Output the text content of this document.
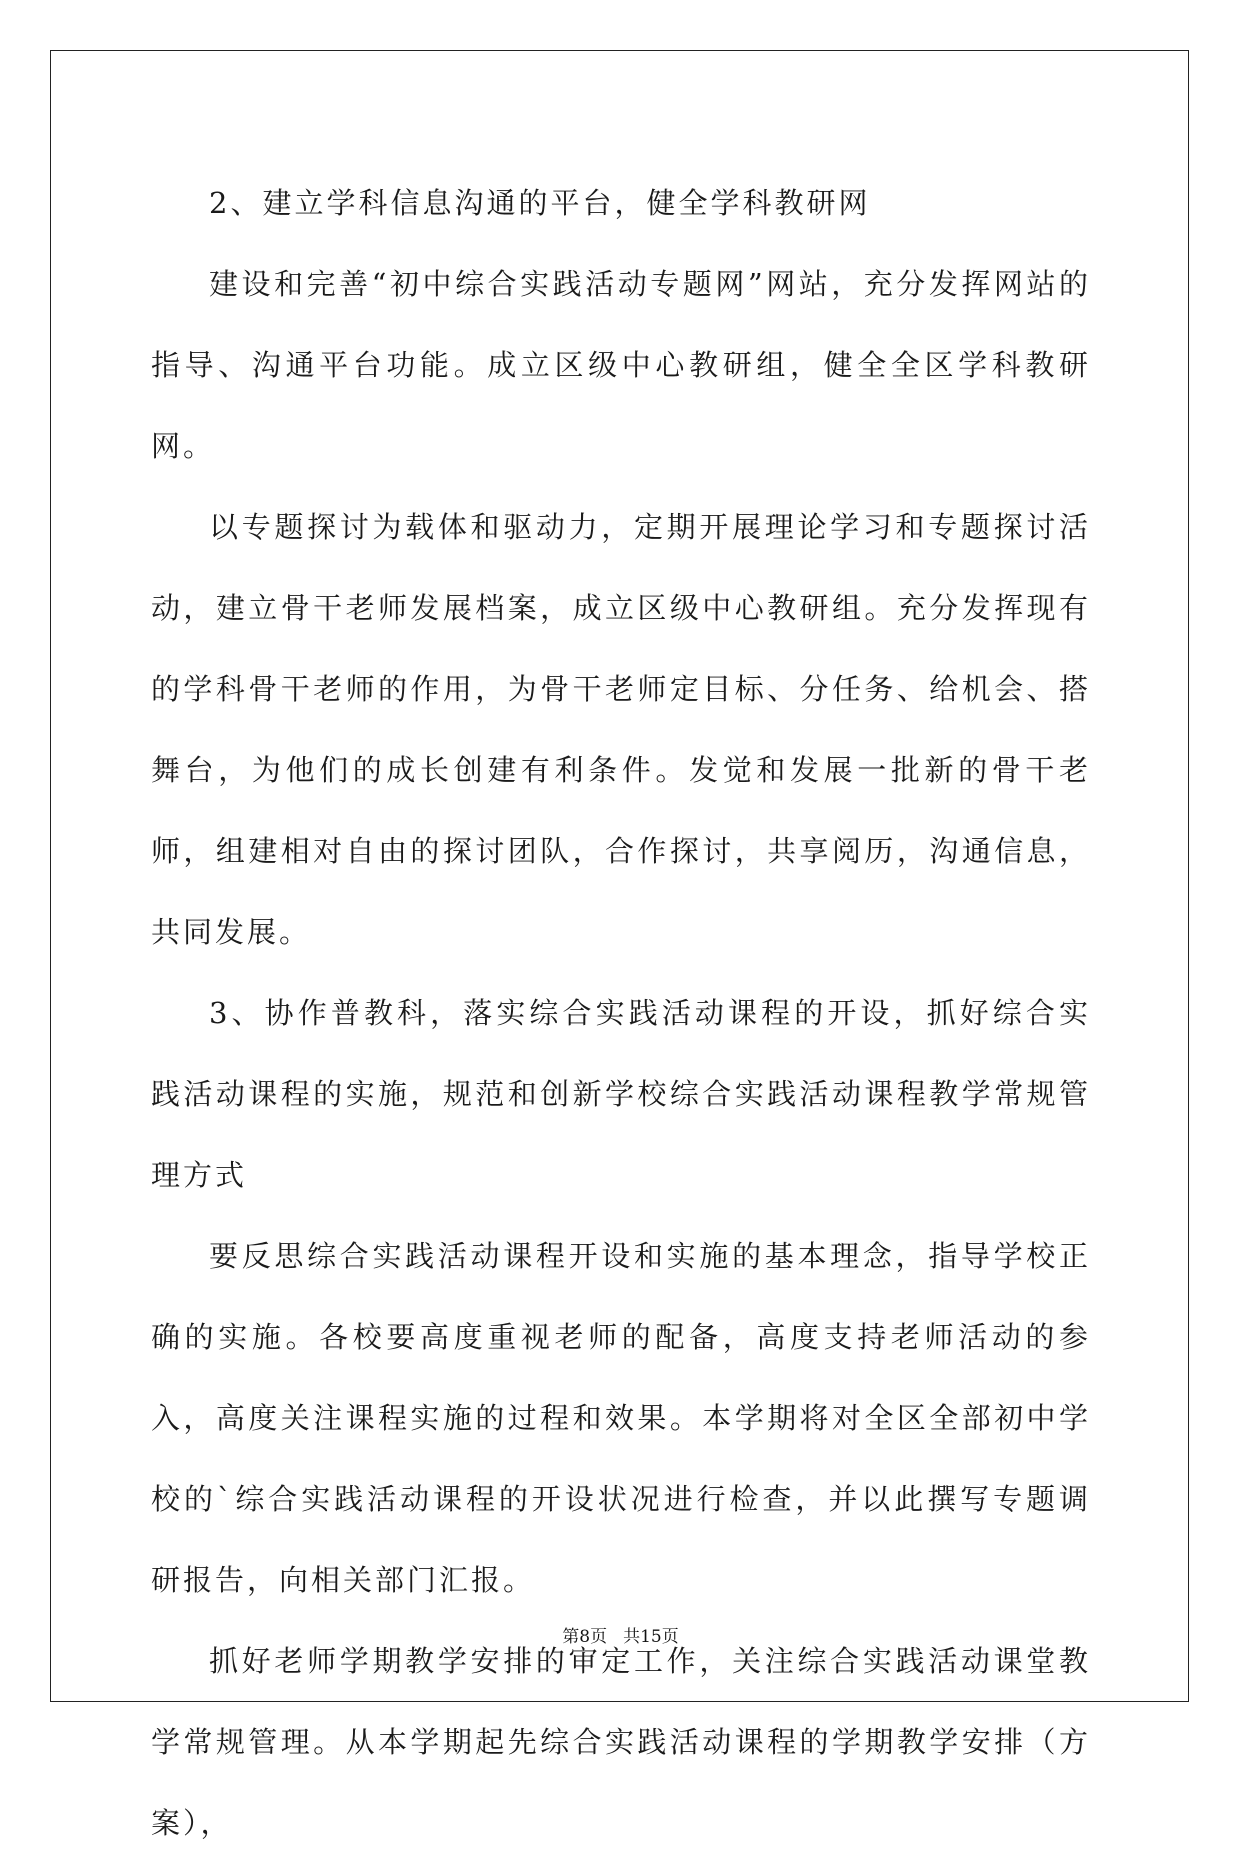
2、建立学科信息沟通的平台，健全学科教研网

建设和完善“初中综合实践活动专题网”网站，充分发挥网站的指导、沟通平台功能。成立区级中心教研组，健全全区学科教研网。

以专题探讨为载体和驱动力，定期开展理论学习和专题探讨活动，建立骨干老师发展档案，成立区级中心教研组。充分发挥现有的学科骨干老师的作用，为骨干老师定目标、分任务、给机会、搭舞台，为他们的成长创建有利条件。发觉和发展一批新的骨干老师，组建相对自由的探讨团队，合作探讨，共享阅历，沟通信息，共同发展。

3、协作普教科，落实综合实践活动课程的开设，抓好综合实践活动课程的实施，规范和创新学校综合实践活动课程教学常规管理方式

要反思综合实践活动课程开设和实施的基本理念，指导学校正确的实施。各校要高度重视老师的配备，高度支持老师活动的参入，高度关注课程实施的过程和效果。本学期将对全区全部初中学校的`综合实践活动课程的开设状况进行检查，并以此撰写专题调研报告，向相关部门汇报。

抓好老师学期教学安排的审定工作，关注综合实践活动课堂教学常规管理。从本学期起先综合实践活动课程的学期教学安排（方案），

第8页 共15页
